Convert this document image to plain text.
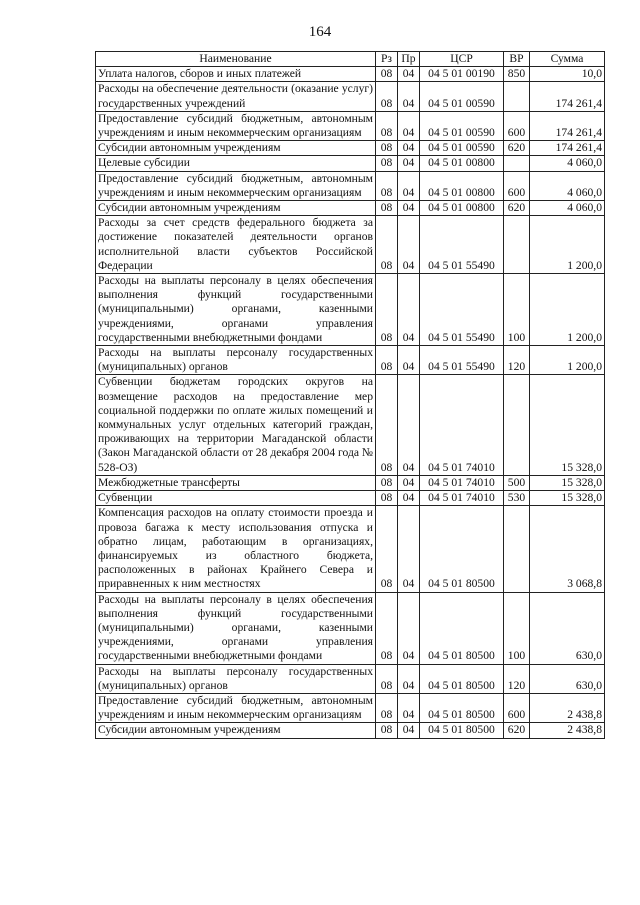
164
Наименование	Рз	Пр	ЦСР	ВР	Сумма
Уплата налогов, сборов и иных платежей	08	04	04 5 01 00190	850	10,0
Расходы на обеспечение деятельности (оказание услуг) государственных учреждений	08	04	04 5 01 00590		174 261,4
Предоставление субсидий бюджетным, автономным учреждениям и иным некоммерческим организациям	08	04	04 5 01 00590	600	174 261,4
Субсидии автономным учреждениям	08	04	04 5 01 00590	620	174 261,4
Целевые субсидии	08	04	04 5 01 00800		4 060,0
Предоставление субсидий бюджетным, автономным учреждениям и иным некоммерческим организациям	08	04	04 5 01 00800	600	4 060,0
Субсидии автономным учреждениям	08	04	04 5 01 00800	620	4 060,0
Расходы за счет средств федерального бюджета за достижение показателей деятельности органов исполнительной власти субъектов Российской Федерации	08	04	04 5 01 55490		1 200,0
Расходы на выплаты персоналу в целях обеспечения выполнения функций государственными (муниципальными) органами, казенными учреждениями, органами управления государственными внебюджетными фондами	08	04	04 5 01 55490	100	1 200,0
Расходы на выплаты персоналу государственных (муниципальных) органов	08	04	04 5 01 55490	120	1 200,0
Субвенции бюджетам городских округов на возмещение расходов на предоставление мер социальной поддержки по оплате жилых помещений и коммунальных услуг отдельных категорий граждан, проживающих на территории Магаданской области (Закон Магаданской области от 28 декабря 2004 года № 528-ОЗ)	08	04	04 5 01 74010		15 328,0
Межбюджетные трансферты	08	04	04 5 01 74010	500	15 328,0
Субвенции	08	04	04 5 01 74010	530	15 328,0
Компенсация расходов на оплату стоимости проезда и провоза багажа к месту использования отпуска и обратно лицам, работающим в организациях, финансируемых из областного бюджета, расположенных в районах Крайнего Севера и приравненных к ним местностях	08	04	04 5 01 80500		3 068,8
Расходы на выплаты персоналу в целях обеспечения выполнения функций государственными (муниципальными) органами, казенными учреждениями, органами управления государственными внебюджетными фондами	08	04	04 5 01 80500	100	630,0
Расходы на выплаты персоналу государственных (муниципальных) органов	08	04	04 5 01 80500	120	630,0
Предоставление субсидий бюджетным, автономным учреждениям и иным некоммерческим организациям	08	04	04 5 01 80500	600	2 438,8
Субсидии автономным учреждениям	08	04	04 5 01 80500	620	2 438,8
